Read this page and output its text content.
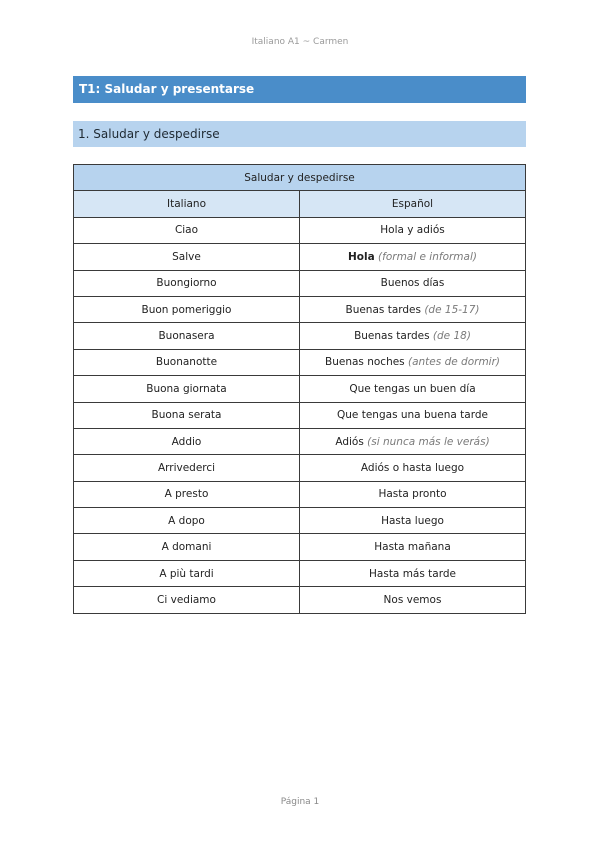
Italiano A1 ~ Carmen
T1: Saludar y presentarse
1. Saludar y despedirse
Saludar y despedirse	
Italiano	Español
Ciao	Hola y adiós
Salve	Hola (formal e informal)
Buongiorno	Buenos días
Buon pomeriggio	Buenas tardes (de 15-17)
Buonasera	Buenas tardes (de 18)
Buonanotte	Buenas noches (antes de dormir)
Buona giornata	Que tengas un buen día
Buona serata	Que tengas una buena tarde
Addio	Adiós (si nunca más le verás)
Arrivederci	Adiós o hasta luego
A presto	Hasta pronto
A dopo	Hasta luego
A domani	Hasta mañana
A più tardi	Hasta más tarde
Ci vediamo	Nos vemos
Página 1
